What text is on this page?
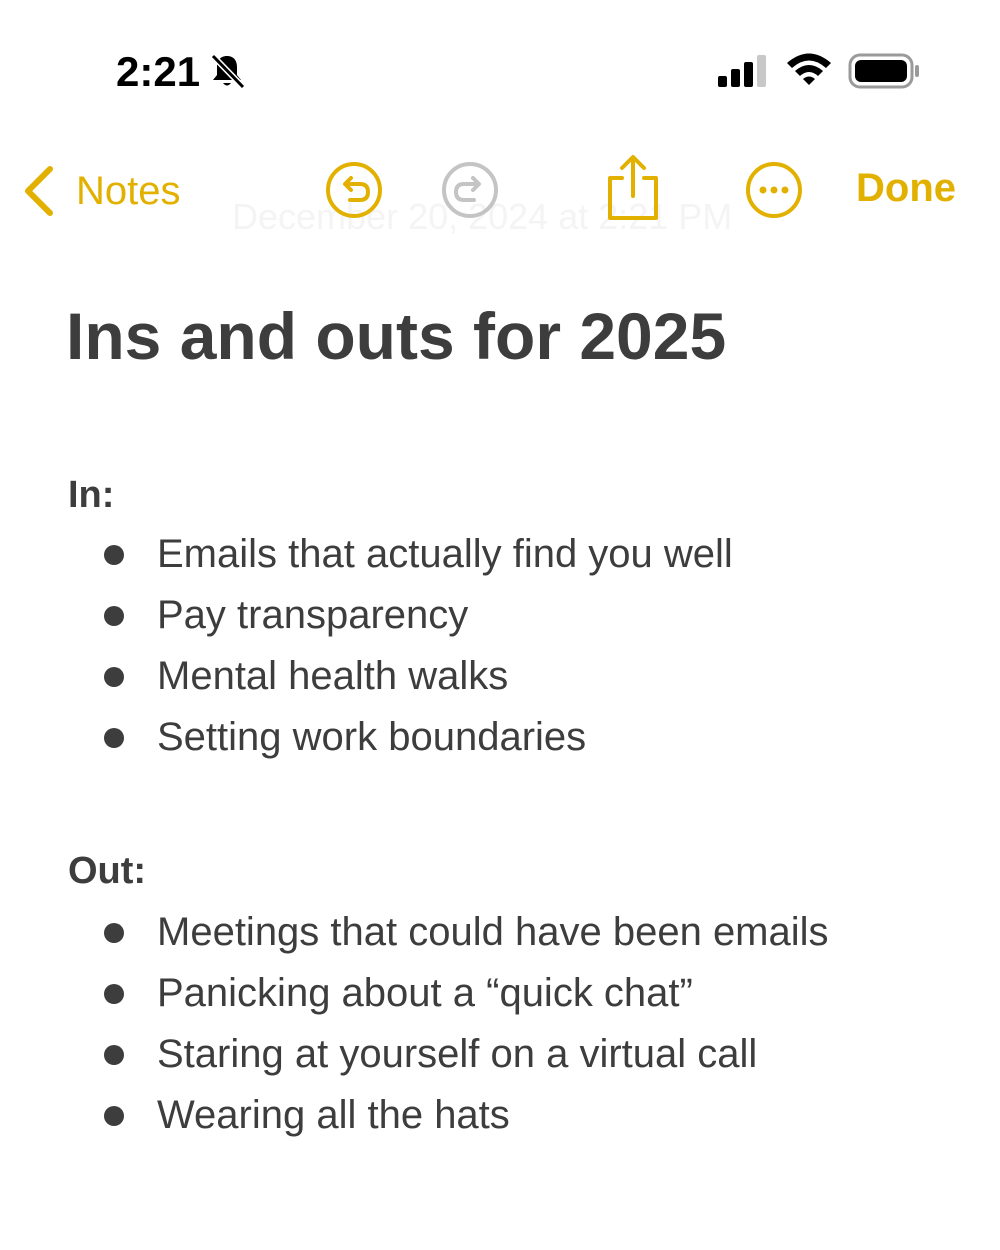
2:21
December 20, 2024 at 2:21 PM
Notes	Done
Ins and outs for 2025
In:
Emails that actually find you well
Pay transparency
Mental health walks
Setting work boundaries
Out:
Meetings that could have been emails
Panicking about a “quick chat”
Staring at yourself on a virtual call
Wearing all the hats
